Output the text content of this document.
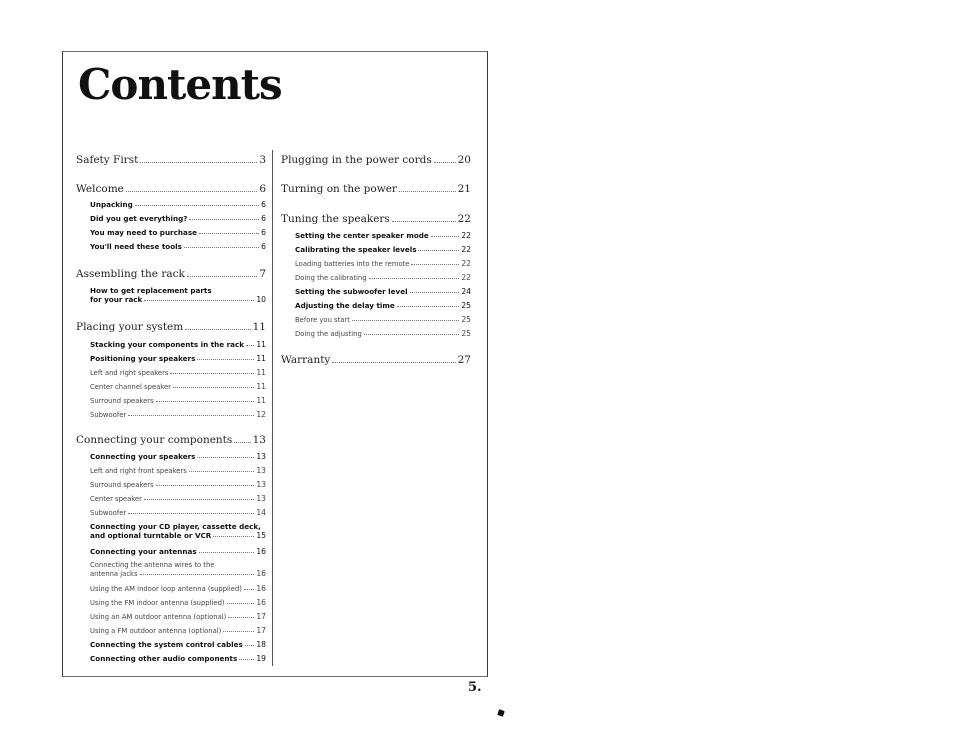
Contents
Safety First	3
Welcome	6
Unpacking	6
Did you get everything?	6
You may need to purchase	6
You'll need these tools	6
Assembling the rack	7
How to get replacement parts
for your rack	10
Placing your system	11
Stacking your components in the rack 11
Positioning your speakers	11
Left and right speakers	11
Center channel speaker	11
Surround speakers	11
Subwoofer	12
Connecting your components 13
Connecting your speakers	13
Left and right front speakers	13
Surround speakers	13
Center speaker	13
Subwoofer	14
Connecting your CD player, cassette deck,
and optional turntable or VCR	15
Connecting your antennas	16
Connecting the antenna wires to the
antenna jacks	16
Using the AM indoor loop antenna (supplied) 16
Using the FM indoor antenna (supplied)	16
Using an AM outdoor antenna (optional)	17
Using a FM outdoor antenna (optional)	17
Connecting the system control cables 18
Connecting other audio components	19
Plugging in the power cords 20
Turning on the power	21
Tuning the speakers	22
Setting the center speaker mode	22
Calibrating the speaker levels	22
Loading batteries into the remote	22
Doing the calibrating	22
Setting the subwoofer level	24
Adjusting the delay time	25
Before you start	25
Doing the adjusting	25
Warranty	27
5.
